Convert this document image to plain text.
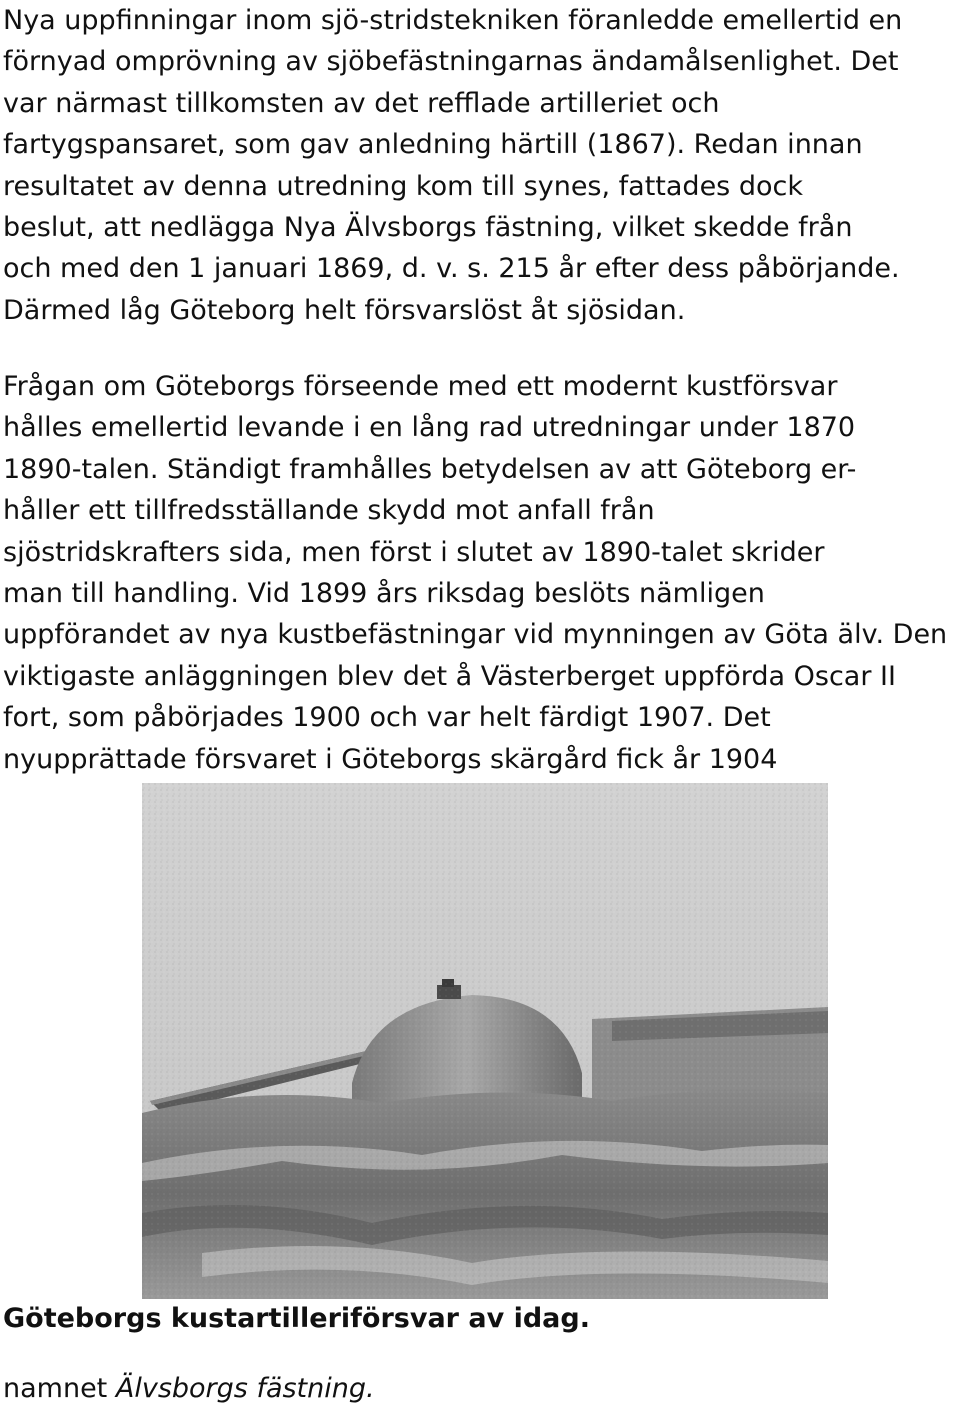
Nya uppfinningar inom sjö-stridstekniken föranledde emellertid en
förnyad omprövning av sjöbefästningarnas ändamålsenlighet. Det
var närmast tillkomsten av det refflade artilleriet och
fartygspansaret, som gav anledning härtill (1867). Redan innan
resultatet av denna utredning kom till synes, fattades dock
beslut, att nedlägga Nya Älvsborgs fästning, vilket skedde från
och med den 1 januari 1869, d. v. s. 215 år efter dess påbörjande.
Därmed låg Göteborg helt försvarslöst åt sjösidan.
Frågan om Göteborgs förseende med ett modernt kustförsvar
hålles emellertid levande i en lång rad utredningar under 1870
1890-talen. Ständigt framhålles betydelsen av att Göteborg er-
håller ett tillfredsställande skydd mot anfall från
sjöstridskrafters sida, men först i slutet av 1890-talet skrider
man till handling. Vid 1899 års riksdag beslöts nämligen
uppförandet av nya kustbefästningar vid mynningen av Göta älv. Den
viktigaste anläggningen blev det å Västerberget uppförda Oscar II
fort, som påbörjades 1900 och var helt färdigt 1907. Det
nyupprättade försvaret i Göteborgs skärgård fick år 1904
Göteborgs kustartilleriförsvar av idag.
namnet Älvsborgs fästning.
